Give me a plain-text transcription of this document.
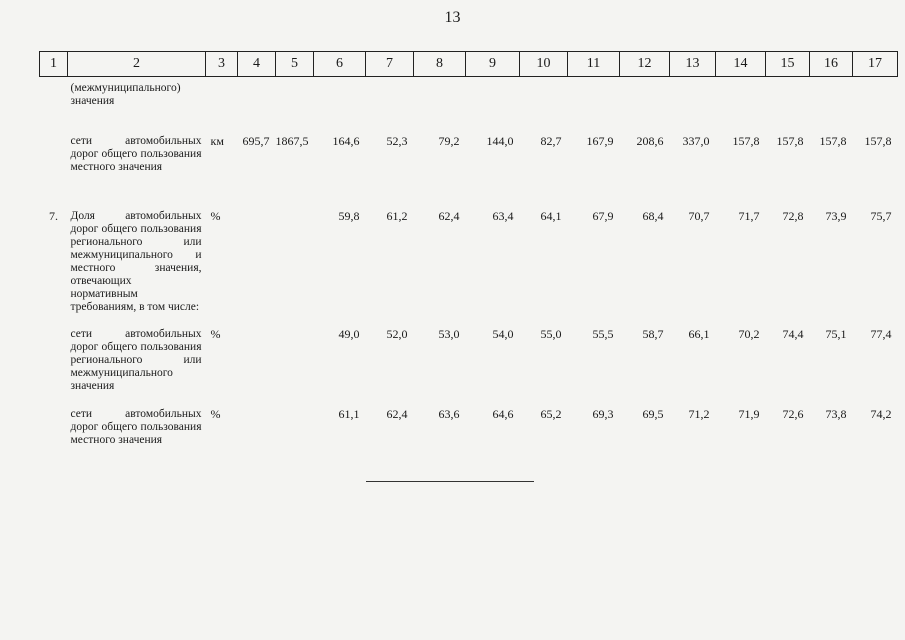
13
1	2	3	4	5	6	7	8	9	10	11	12	13	14	15	16	17
	(межмуниципального) значения															
	сети автомобильных дорог общего пользования местного значения	км	695,7	1867,5	164,6	52,3	79,2	144,0	82,7	167,9	208,6	337,0	157,8	157,8	157,8	157,8
7.	Доля автомобильных дорог общего пользования регионального или межмуниципального и местного значения, отвечающих нормативным требованиям, в том числе:	%			59,8	61,2	62,4	63,4	64,1	67,9	68,4	70,7	71,7	72,8	73,9	75,7
	сети автомобильных дорог общего пользования регионального или межмуниципального значения	%			49,0	52,0	53,0	54,0	55,0	55,5	58,7	66,1	70,2	74,4	75,1	77,4
	сети автомобильных дорог общего пользования местного значения	%			61,1	62,4	63,6	64,6	65,2	69,3	69,5	71,2	71,9	72,6	73,8	74,2
